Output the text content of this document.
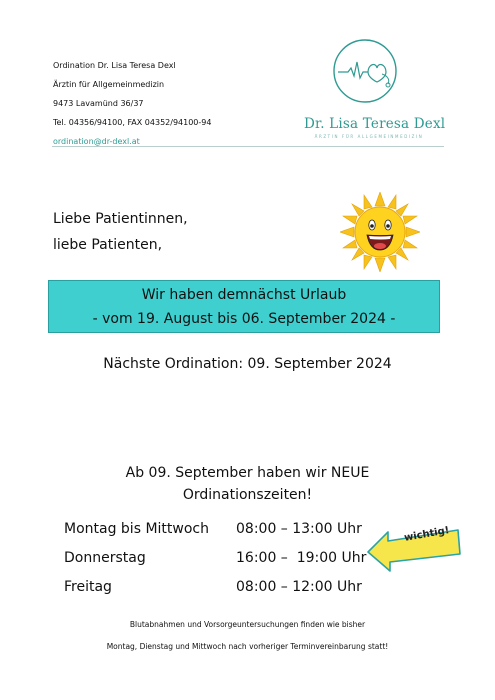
Ordination Dr. Lisa Teresa Dexl
Ärztin für Allgemeinmedizin
9473 Lavamünd 36/37
Tel. 04356/94100, FAX 04352/94100-94
ordination@dr-dexl.at
Dr. Lisa Teresa Dexl
ÄRZTIN FÜR ALLGEMEINMEDIZIN
Liebe Patientinnen,
liebe Patienten,
Wir haben demnächst Urlaub
- vom 19. August bis 06. September 2024 -
Nächste Ordination: 09. September 2024
Ab 09. September haben wir NEUE
Ordinationszeiten!
Montag bis Mittwoch	08:00 – 13:00 Uhr
Donnerstag	16:00 –  19:00 Uhr
Freitag	08:00 – 12:00 Uhr
wichtig!
Blutabnahmen und Vorsorgeuntersuchungen finden wie bisher
Montag, Dienstag und Mittwoch nach vorheriger Terminvereinbarung statt!
